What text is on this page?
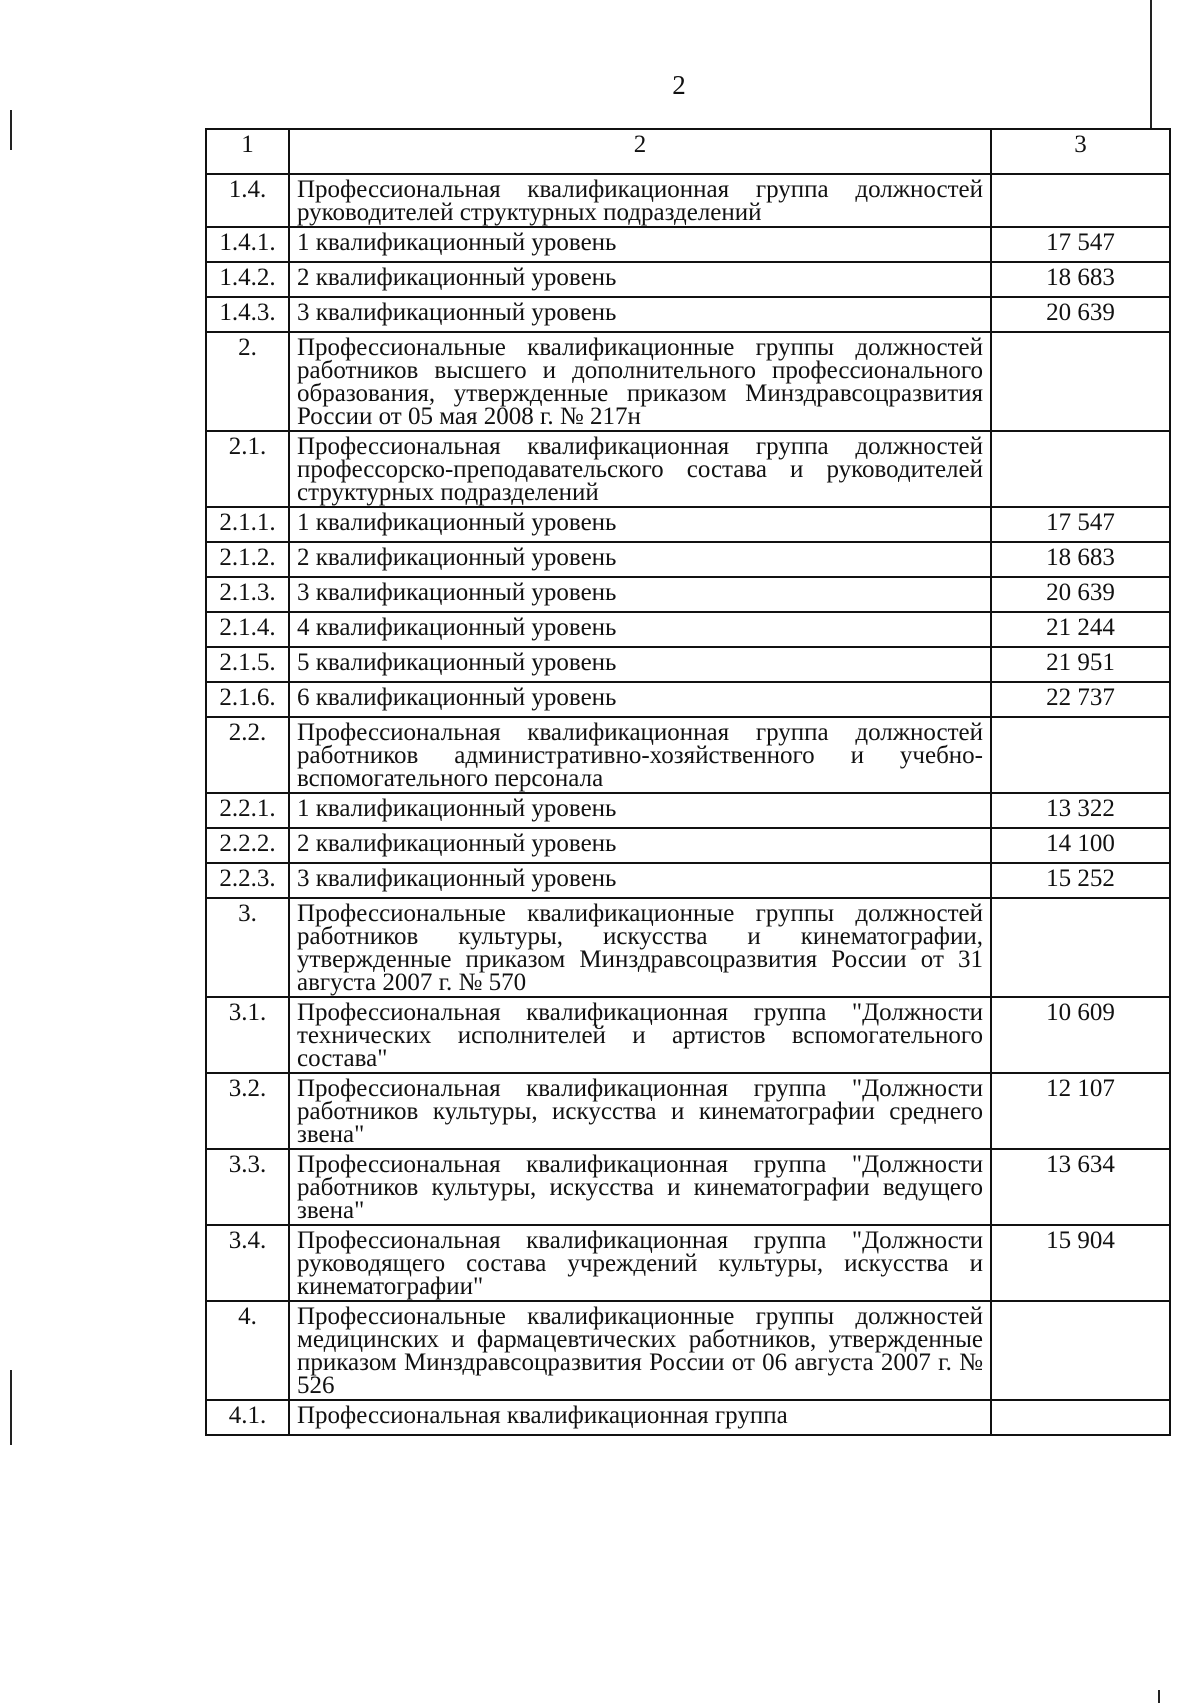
2
1	2	3
1.4.	Профессиональная квалификационная группа должностей руководителей структурных подразделений	
1.4.1.	1 квалификационный уровень	17 547
1.4.2.	2 квалификационный уровень	18 683
1.4.3.	3 квалификационный уровень	20 639
2.	Профессиональные квалификационные группы должностей работников высшего и дополнительного профессионального образования, утвержденные приказом Минздравсоцразвития России от 05 мая 2008 г. № 217н	
2.1.	Профессиональная квалификационная группа должностей профессорско-преподавательского состава и руководителей структурных подразделений	
2.1.1.	1 квалификационный уровень	17 547
2.1.2.	2 квалификационный уровень	18 683
2.1.3.	3 квалификационный уровень	20 639
2.1.4.	4 квалификационный уровень	21 244
2.1.5.	5 квалификационный уровень	21 951
2.1.6.	6 квалификационный уровень	22 737
2.2.	Профессиональная квалификационная группа должностей работников административно-хозяйственного и учебно-вспомогательного персонала	
2.2.1.	1 квалификационный уровень	13 322
2.2.2.	2 квалификационный уровень	14 100
2.2.3.	3 квалификационный уровень	15 252
3.	Профессиональные квалификационные группы должностей работников культуры, искусства и кинематографии, утвержденные приказом Минздравсоцразвития России от 31 августа 2007 г. № 570	
3.1.	Профессиональная квалификационная группа "Должности технических исполнителей и артистов вспомогательного состава"	10 609
3.2.	Профессиональная квалификационная группа "Должности работников культуры, искусства и кинематографии среднего звена"	12 107
3.3.	Профессиональная квалификационная группа "Должности работников культуры, искусства и кинематографии ведущего звена"	13 634
3.4.	Профессиональная квалификационная группа "Должности руководящего состава учреждений культуры, искусства и кинематографии"	15 904
4.	Профессиональные квалификационные группы должностей медицинских и фармацевтических работников, утвержденные приказом Минздравсоцразвития России от 06 августа 2007 г. № 526	
4.1.	Профессиональная квалификационная группа	
